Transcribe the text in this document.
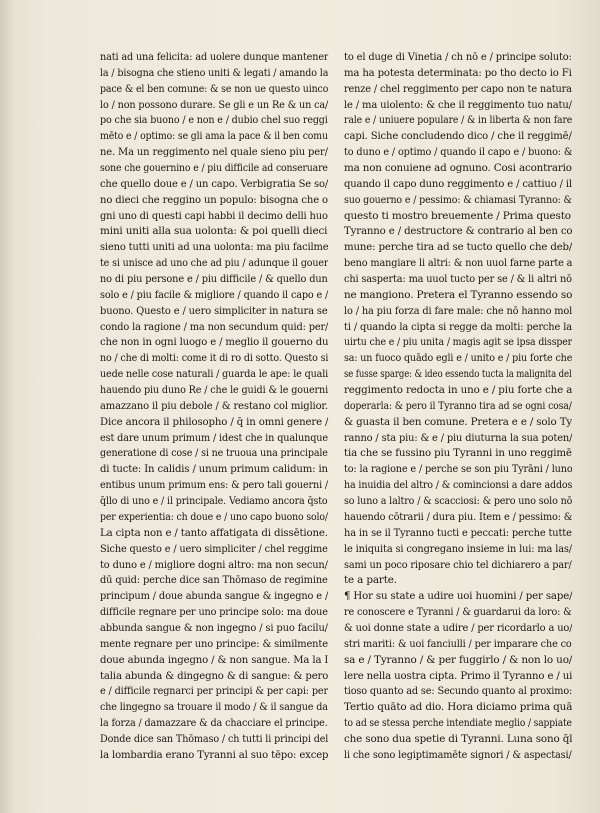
nati ad una felicita: ad uolere dunque mantener
la / bisogna che stieno uniti & legati / amando la
pace & el ben comune: & se non ue questo uinco
lo / non possono durare. Se gli e un Re & un ca/
po che sia buono / e non e / dubio chel suo reggi
mēto e / optimo: se gli ama la pace & il ben comu
ne. Ma un reggimento nel quale sieno piu per/
sone che gouernino e / piu difficile ad conseruare
che quello doue e / un capo. Verbigratia Se so/
no dieci che reggino un populo: bisogna che o
gni uno di questi capi habbi il decimo delli huo
mini uniti alla sua uolonta: & poi quelli dieci
sieno tutti uniti ad una uolonta: ma piu facilme
te si unisce ad uno che ad piu / adunque il gouer
no di piu persone e / piu difficile / & quello dun
solo e / piu facile & migliore / quando il capo e /
buono. Questo e / uero simpliciter in natura se
condo la ragione / ma non secundum quid: per/
che non in ogni luogo e / meglio il gouerno du
no / che di molti: come it di ro di sotto. Questo si
uede nelle cose naturali / guarda le ape: le quali
hauendo piu duno Re / che le guidi & le gouerni
amazzano il piu debole / & restano col miglior.
Dice ancora il philosopho / q̄ in omni genere /
est dare unum primum / idest che in qualunque
generatione di cose / si ne truoua una principale
di tucte: In calidis / unum primum calidum: in
entibus unum primum ens: & pero tali gouerni /
q̄llo di uno e / il principale. Vediamo ancora q̄sto
per experientia: ch doue e / uno capo buono solo/
La cipta non e / tanto affatigata di dissētione.
Siche questo e / uero simpliciter / chel reggime
to duno e / migliore dogni altro: ma non secun/
dū quid: perche dice san Thōmaso de regimine
principum / doue abunda sangue & ingegno e /
difficile regnare per uno principe solo: ma doue
abbunda sangue & non ingegno / si puo facilu/
mente regnare per uno principe: & similmente
doue abunda ingegno / & non sangue. Ma la I
talia abunda & dingegno & di sangue: & pero
e / difficile regnarci per principi & per capi: per
che lingegno sa trouare il modo / & il sangue da
la forza / damazzare & da chacciare el principe.
Donde dice san Thōmaso / ch tutti li principi del
la lombardia erano Tyranni al suo tēpo: excep
to el duge di Vinetia / ch nō e / principe soluto:
ma ha potesta determinata: po tho decto io Fi
renze / chel reggimento per capo non te natura
le / ma uiolento: & che il reggimento tuo natu/
rale e / uniuere populare / & in liberta & non fare
capi. Siche concludendo dico / che il reggimē/
to duno e / optimo / quando il capo e / buono: &
ma non conuiene ad ognuno. Cosi acontrario
quando il capo duno reggimento e / cattiuo / il
suo gouerno e / pessimo: & chiamasi Tyranno: &
questo ti mostro breuemente / Prima questo
Tyranno e / destructore & contrario al ben co
mune: perche tira ad se tucto quello che deb/
beno mangiare li altri: & non uuol farne parte a
chi sasperta: ma uuol tucto per se / & li altri nō
ne mangiono. Pretera el Tyranno essendo so
lo / ha piu forza di fare male: che nō hanno mol
ti / quando la cipta si regge da molti: perche la
uirtu che e / piu unita / magis agit se ipsa dissper
sa: un fuoco quādo egli e / unito e / piu forte che
se fusse sparge: & ideo essendo tucta la malignita del
reggimento redocta in uno e / piu forte che a
doperarla: & pero il Tyranno tira ad se ogni cosa/
& guasta il ben comune. Pretera e e / solo Ty
ranno / sta piu: & e / piu diuturna la sua poten/
tia che se fussino piu Tyranni in uno reggimē
to: la ragione e / perche se son piu Tyrāni / luno
ha inuidia del altro / & comincionsi a dare addos
so luno a laltro / & scacciosi: & pero uno solo nō
hauendo cōtrarii / dura piu. Item e / pessimo: &
ha in se il Tyranno tucti e peccati: perche tutte
le iniquita si congregano insieme in lui: ma las/
sami un poco riposare chio tel dichiarero a par/
te a parte.
¶ Hor su state a udire uoi huomini / per sape/
re conoscere e Tyranni / & guardarui da loro: &
& uoi donne state a udire / per ricordarlo a uo/
stri mariti: & uoi fanciulli / per imparare che co
sa e / Tyranno / & per fuggirlo / & non lo uo/
lere nella uostra cipta. Primo il Tyranno e / ui
tioso quanto ad se: Secundo quanto al proximo:
Tertio quāto ad dio. Hora diciamo prima quā
to ad se stessa perche intendiate meglio / sappiate
che sono dua spetie di Tyranni. Luna sono q̄l
li che sono legiptimamēte signori / & aspectasi/
